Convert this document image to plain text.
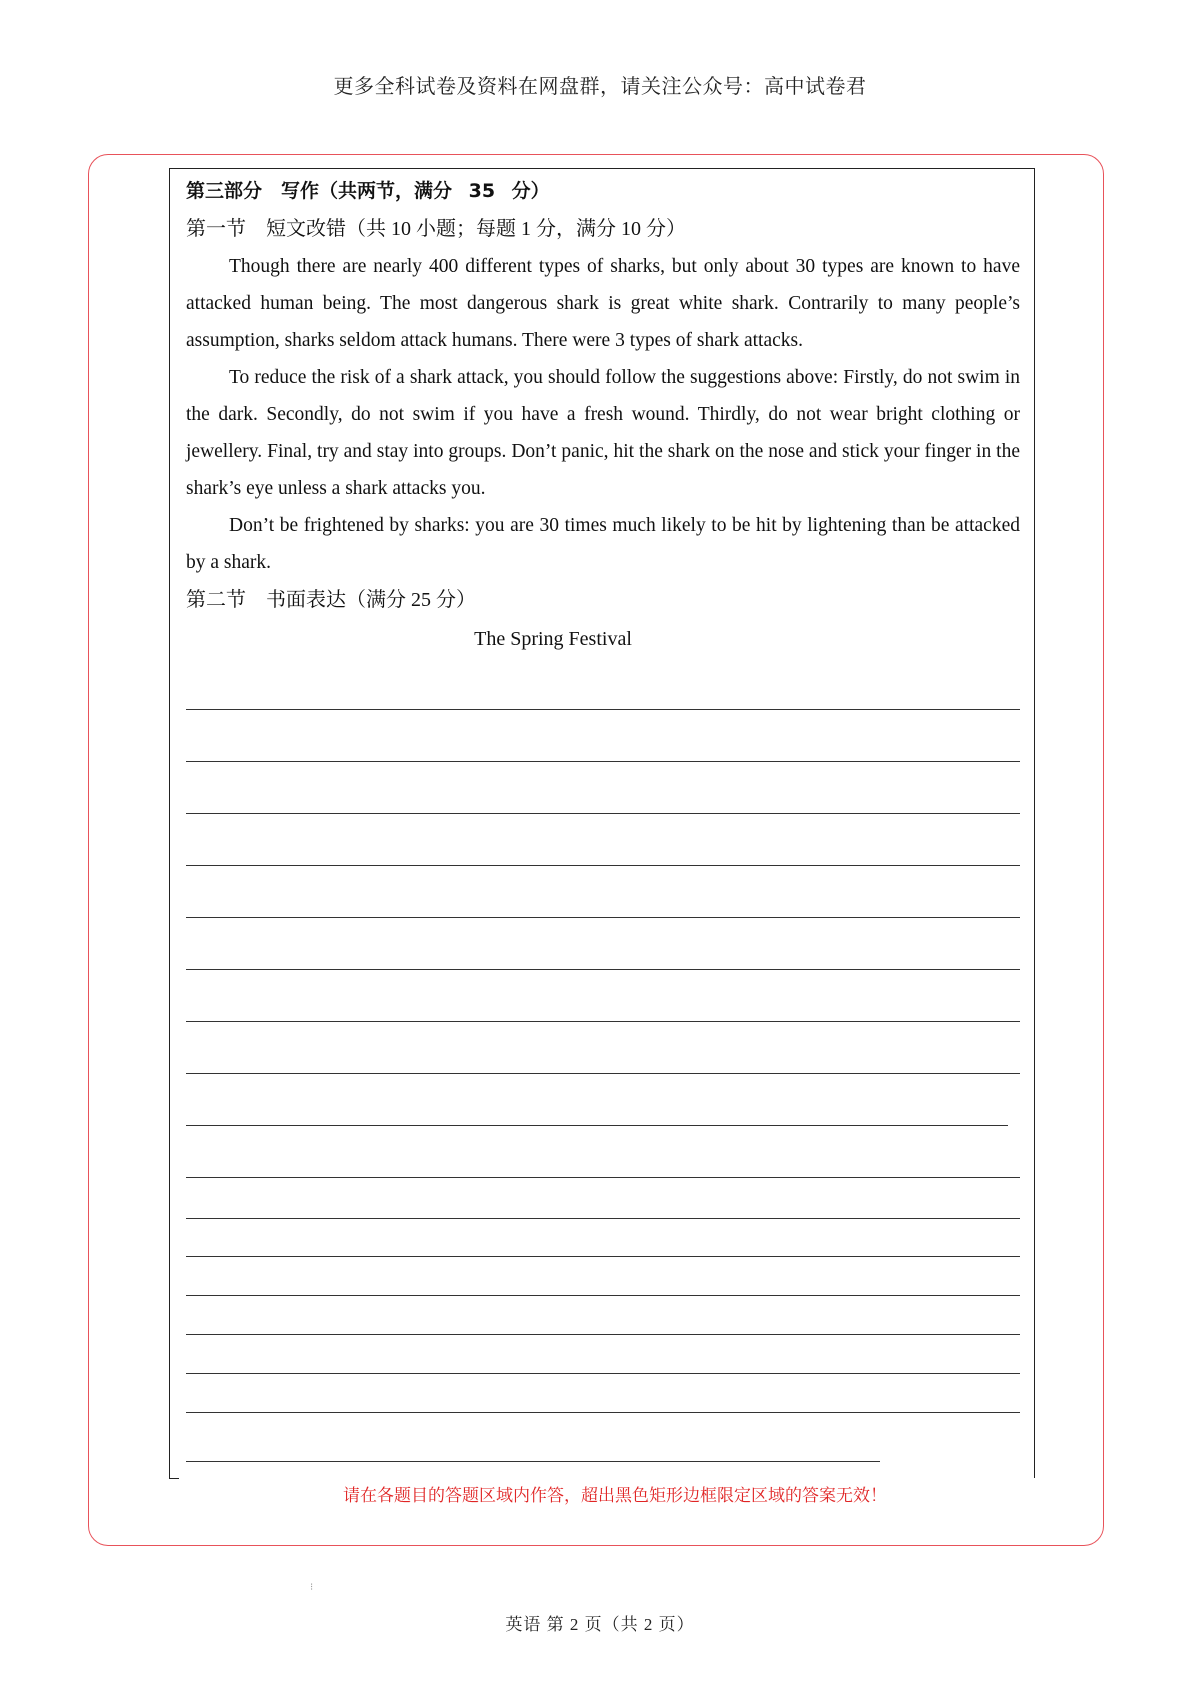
更多全科试卷及资料在网盘群，请关注公众号：高中试卷君
第三部分　写作（共两节，满分 35 分）
第一节 短文改错（共 10 小题；每题 1 分，满分 10 分）

Though there are nearly 400 different types of sharks, but only about 30 types are known to have attacked human being. The most dangerous shark is great white shark. Contrarily to many people’s assumption, sharks seldom attack humans. There were 3 types of shark attacks.

To reduce the risk of a shark attack, you should follow the suggestions above: Firstly, do not swim in the dark. Secondly, do not swim if you have a fresh wound. Thirdly, do not wear bright clothing or jewellery. Final, try and stay into groups. Don’t panic, hit the shark on the nose and stick your finger in the shark’s eye unless a shark attacks you.

Don’t be frightened by sharks: you are 30 times much likely to be hit by lightening than be attacked by a shark.

第二节 书面表达（满分 25 分）
The Spring Festival
请在各题目的答题区域内作答，超出黑色矩形边框限定区域的答案无效！
⁝
英语 第 2 页（共 2 页）
